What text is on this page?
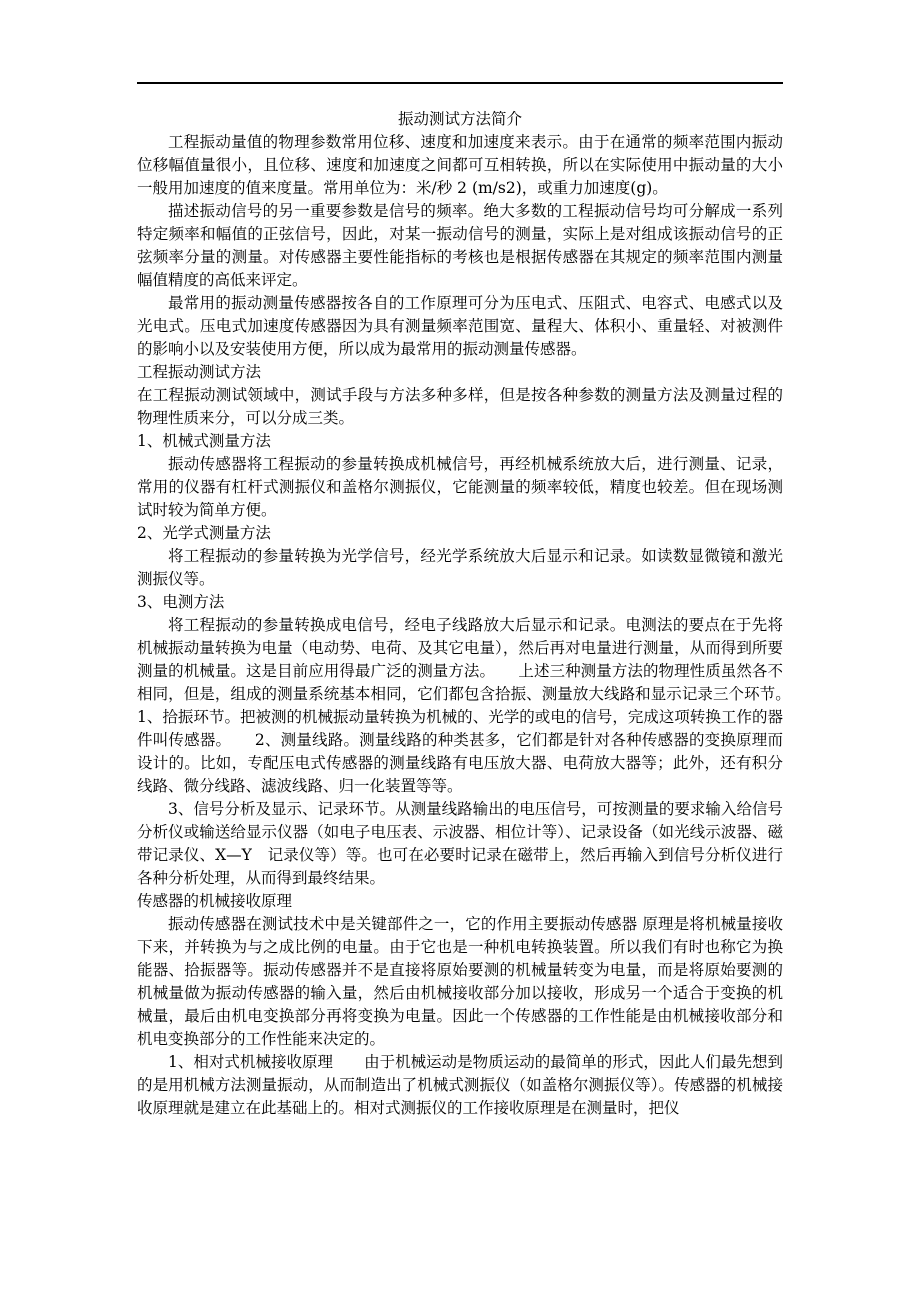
振动测试方法简介

工程振动量值的物理参数常用位移、速度和加速度来表示。由于在通常的频率范围内振动位移幅值量很小，且位移、速度和加速度之间都可互相转换，所以在实际使用中振动量的大小一般用加速度的值来度量。常用单位为：米/秒 2 (m/s2)，或重力加速度(g)。

描述振动信号的另一重要参数是信号的频率。绝大多数的工程振动信号均可分解成一系列特定频率和幅值的正弦信号，因此，对某一振动信号的测量，实际上是对组成该振动信号的正弦频率分量的测量。对传感器主要性能指标的考核也是根据传感器在其规定的频率范围内测量幅值精度的高低来评定。

最常用的振动测量传感器按各自的工作原理可分为压电式、压阻式、电容式、电感式以及光电式。压电式加速度传感器因为具有测量频率范围宽、量程大、体积小、重量轻、对被测件的影响小以及安装使用方便，所以成为最常用的振动测量传感器。

工程振动测试方法

在工程振动测试领域中，测试手段与方法多种多样，但是按各种参数的测量方法及测量过程的物理性质来分，可以分成三类。

1、机械式测量方法

振动传感器将工程振动的参量转换成机械信号，再经机械系统放大后，进行测量、记录，常用的仪器有杠杆式测振仪和盖格尔测振仪，它能测量的频率较低，精度也较差。但在现场测试时较为简单方便。

2、光学式测量方法

将工程振动的参量转换为光学信号，经光学系统放大后显示和记录。如读数显微镜和激光测振仪等。

3、电测方法

将工程振动的参量转换成电信号，经电子线路放大后显示和记录。电测法的要点在于先将机械振动量转换为电量（电动势、电荷、及其它电量），然后再对电量进行测量，从而得到所要测量的机械量。这是目前应用得最广泛的测量方法。　　上述三种测量方法的物理性质虽然各不相同，但是，组成的测量系统基本相同，它们都包含拾振、测量放大线路和显示记录三个环节。　　1、拾振环节。把被测的机械振动量转换为机械的、光学的或电的信号，完成这项转换工作的器件叫传感器。　　2、测量线路。测量线路的种类甚多，它们都是针对各种传感器的变换原理而设计的。比如，专配压电式传感器的测量线路有电压放大器、电荷放大器等；此外，还有积分线路、微分线路、滤波线路、归一化装置等等。

3、信号分析及显示、记录环节。从测量线路输出的电压信号，可按测量的要求输入给信号分析仪或输送给显示仪器（如电子电压表、示波器、相位计等）、记录设备（如光线示波器、磁带记录仪、X—Y　记录仪等）等。也可在必要时记录在磁带上，然后再输入到信号分析仪进行各种分析处理，从而得到最终结果。

传感器的机械接收原理

振动传感器在测试技术中是关键部件之一，它的作用主要振动传感器 原理是将机械量接收下来，并转换为与之成比例的电量。由于它也是一种机电转换装置。所以我们有时也称它为换能器、拾振器等。振动传感器并不是直接将原始要测的机械量转变为电量，而是将原始要测的机械量做为振动传感器的输入量，然后由机械接收部分加以接收，形成另一个适合于变换的机械量，最后由机电变换部分再将变换为电量。因此一个传感器的工作性能是由机械接收部分和机电变换部分的工作性能来决定的。

1、相对式机械接收原理　　由于机械运动是物质运动的最简单的形式，因此人们最先想到的是用机械方法测量振动，从而制造出了机械式测振仪（如盖格尔测振仪等）。传感器的机械接收原理就是建立在此基础上的。相对式测振仪的工作接收原理是在测量时，把仪
